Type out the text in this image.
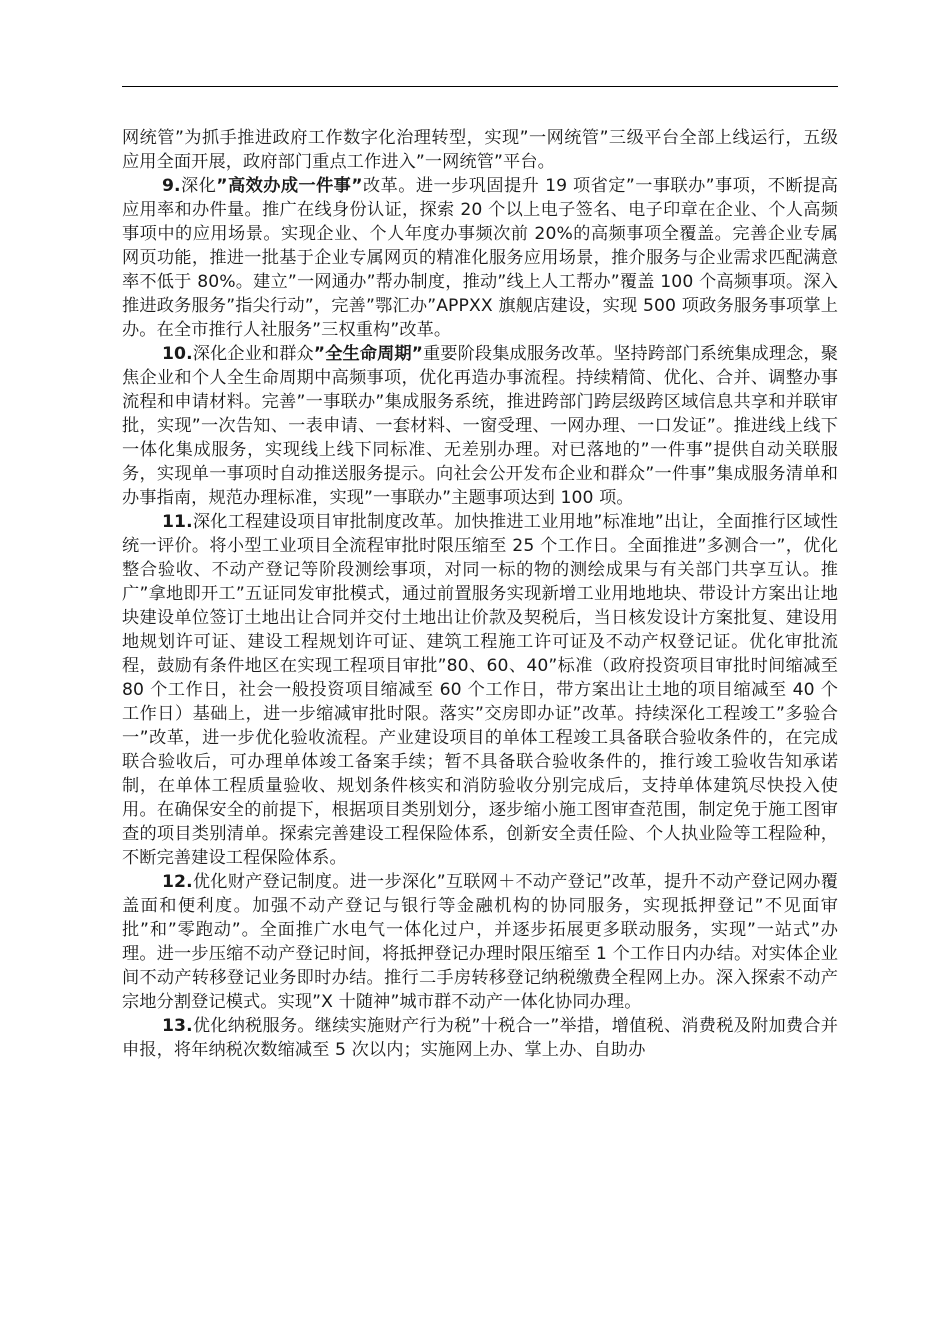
网统管”为抓手推进政府工作数字化治理转型，实现”一网统管”三级平台全部上线运行，五级应用全面开展，政府部门重点工作进入”一网统管”平台。

9.深化”高效办成一件事”改革。进一步巩固提升 19 项省定”一事联办”事项，不断提高应用率和办件量。推广在线身份认证，探索 20 个以上电子签名、电子印章在企业、个人高频事项中的应用场景。实现企业、个人年度办事频次前 20%的高频事项全覆盖。完善企业专属网页功能，推进一批基于企业专属网页的精准化服务应用场景，推介服务与企业需求匹配满意率不低于 80%。建立”一网通办”帮办制度，推动”线上人工帮办”覆盖 100 个高频事项。深入推进政务服务”指尖行动”，完善”鄂汇办”APPXX 旗舰店建设，实现 500 项政务服务事项掌上办。在全市推行人社服务”三权重构”改革。

10.深化企业和群众”全生命周期”重要阶段集成服务改革。坚持跨部门系统集成理念，聚焦企业和个人全生命周期中高频事项，优化再造办事流程。持续精简、优化、合并、调整办事流程和申请材料。完善”一事联办”集成服务系统，推进跨部门跨层级跨区域信息共享和并联审批，实现”一次告知、一表申请、一套材料、一窗受理、一网办理、一口发证”。推进线上线下一体化集成服务，实现线上线下同标准、无差别办理。对已落地的”一件事”提供自动关联服务，实现单一事项时自动推送服务提示。向社会公开发布企业和群众”一件事”集成服务清单和办事指南，规范办理标准，实现”一事联办”主题事项达到 100 项。

11.深化工程建设项目审批制度改革。加快推进工业用地”标准地”出让，全面推行区域性统一评价。将小型工业项目全流程审批时限压缩至 25 个工作日。全面推进”多测合一”，优化整合验收、不动产登记等阶段测绘事项，对同一标的物的测绘成果与有关部门共享互认。推广”拿地即开工”五证同发审批模式，通过前置服务实现新增工业用地地块、带设计方案出让地块建设单位签订土地出让合同并交付土地出让价款及契税后，当日核发设计方案批复、建设用地规划许可证、建设工程规划许可证、建筑工程施工许可证及不动产权登记证。优化审批流程，鼓励有条件地区在实现工程项目审批”80、60、40”标准（政府投资项目审批时间缩减至 80 个工作日，社会一般投资项目缩减至 60 个工作日，带方案出让土地的项目缩减至 40 个工作日）基础上，进一步缩减审批时限。落实”交房即办证”改革。持续深化工程竣工”多验合一”改革，进一步优化验收流程。产业建设项目的单体工程竣工具备联合验收条件的，在完成联合验收后，可办理单体竣工备案手续；暂不具备联合验收条件的，推行竣工验收告知承诺制，在单体工程质量验收、规划条件核实和消防验收分别完成后，支持单体建筑尽快投入使用。在确保安全的前提下，根据项目类别划分，逐步缩小施工图审查范围，制定免于施工图审查的项目类别清单。探索完善建设工程保险体系，创新安全责任险、个人执业险等工程险种，不断完善建设工程保险体系。

12.优化财产登记制度。进一步深化”互联网＋不动产登记”改革，提升不动产登记网办覆盖面和便利度。加强不动产登记与银行等金融机构的协同服务，实现抵押登记”不见面审批”和”零跑动”。全面推广水电气一体化过户，并逐步拓展更多联动服务，实现”一站式”办理。进一步压缩不动产登记时间，将抵押登记办理时限压缩至 1 个工作日内办结。对实体企业间不动产转移登记业务即时办结。推行二手房转移登记纳税缴费全程网上办。深入探索不动产宗地分割登记模式。实现”X 十随神”城市群不动产一体化协同办理。

13.优化纳税服务。继续实施财产行为税”十税合一”举措，增值税、消费税及附加费合并申报，将年纳税次数缩减至 5 次以内；实施网上办、掌上办、自助办
